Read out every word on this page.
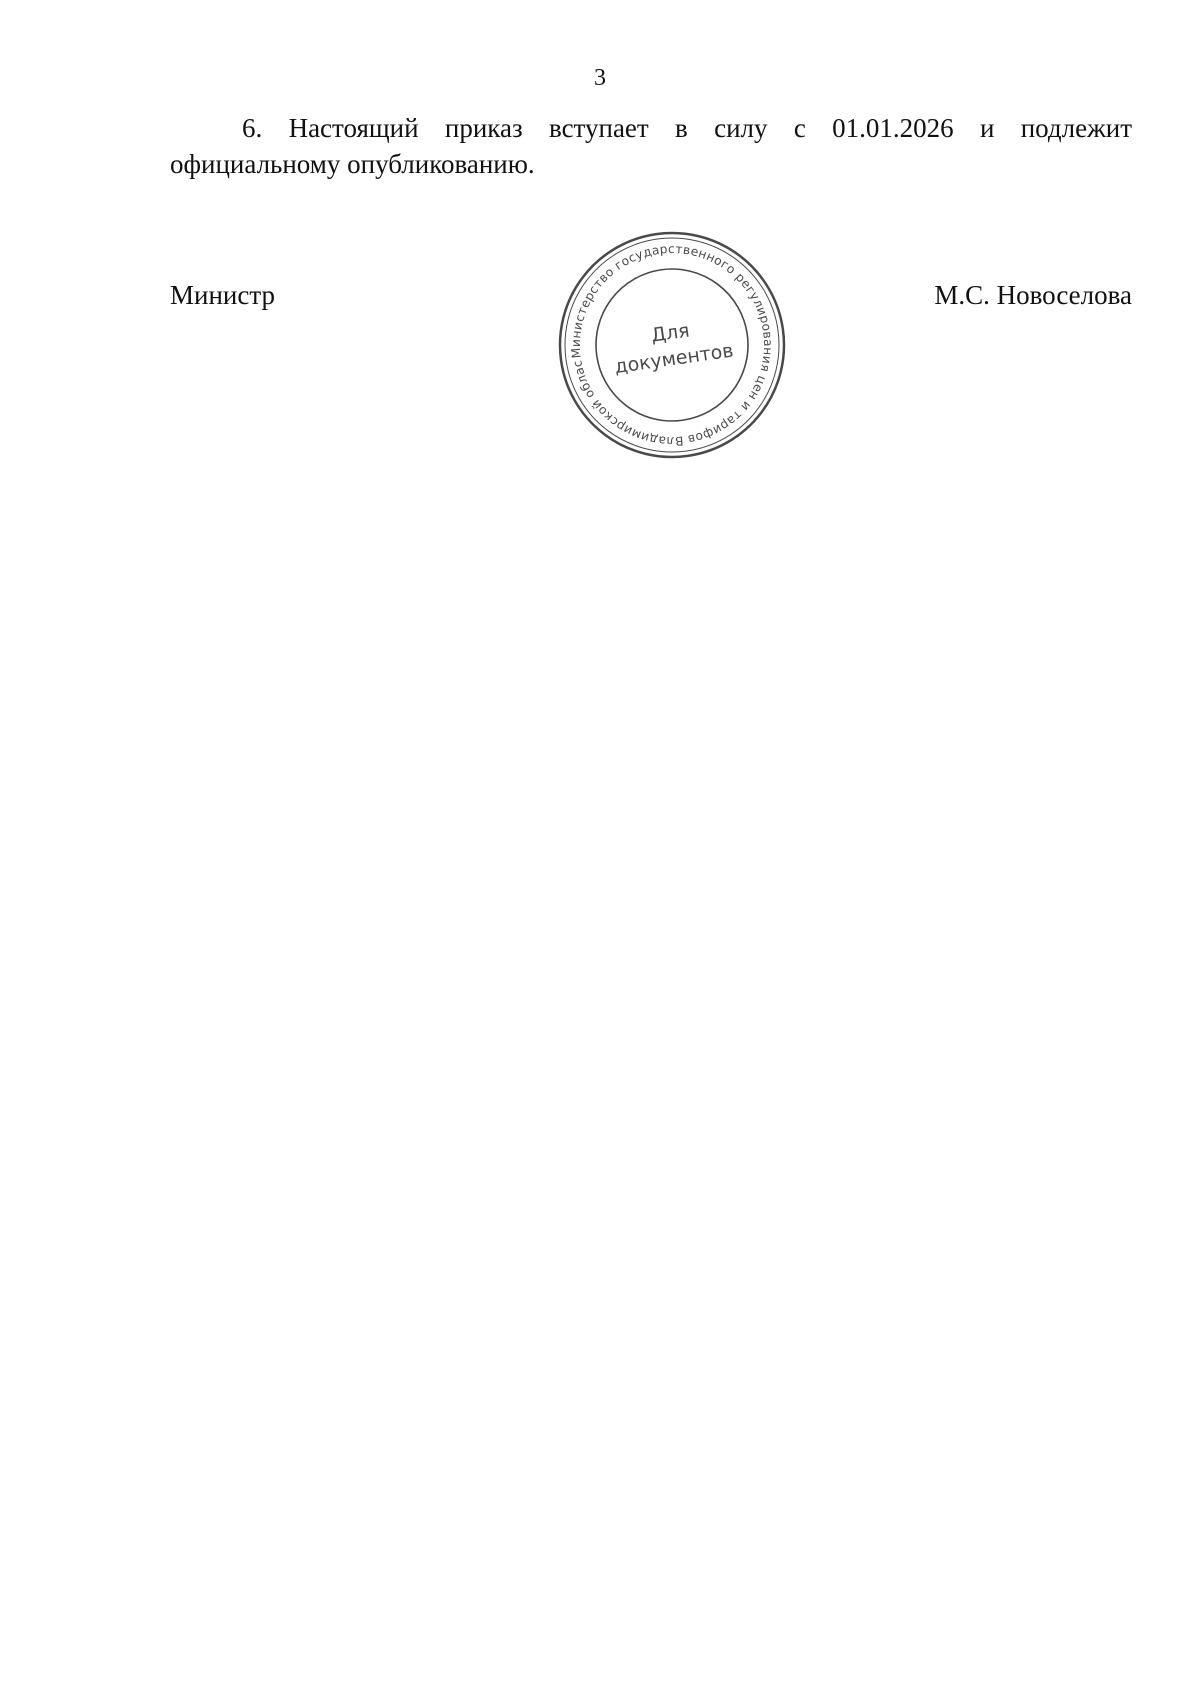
3
6. Настоящий приказ вступает в силу с 01.01.2026 и подлежит
официальному опубликованию.
Министр	М.С. Новоселова
Министерство государственного регулирования цен и тарифов Владимирской области
Для
документов
